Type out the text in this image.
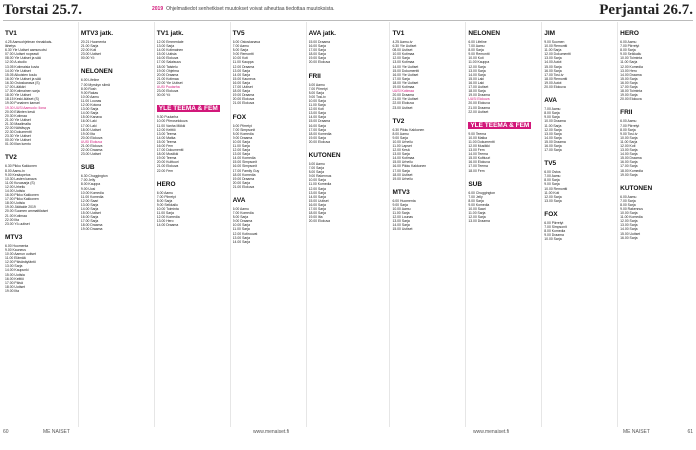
Torstai 25.7.	2019 Ohjelmatiedot senhetkiset muutokset voivat aiheuttaa tiedottaa muutoksista.	Perjantai 26.7.
TV1

4.25 Aamuohjelman rinnakkais-
lähetys
6.30 Yle Uutiset aamuruotsi
07.00 Uutiset nopeasti
08.00 Yle Uutiset ja sää
12.00 A-studio
13.05 Kotimaisia kuvia
14.00 Yle Uutiset
15.05 Aikuisten koulu
16.00 Yle Uutiset ja sää
16.30 Ostoskanava (S)
17.00 Lääkäri
17.30 Kotimainen sarja
18.00 Yle Uutiset
18.15 Keski-ikäiset (S)
19.00 Punainen kamari
19.30 UUSI Aamuolo: Ilona
20.00 Eläinten kesä
20.30 Kotimaa
21.00 Yle Uutiset
21.30 Maailmalta
22.00 Nähtävyys
22.30 Dokumentti
23.30 Yle Uutiset
00.00 Yle Uutiset
01.00 Illan luento
TV2

6.30 Pikku Kakkonen
8.00 Aamu-tv
9.00 Kesäopetus
10.30 Lasten kanava
11.00 Kuvasarja (S)
12.00 Urheilu
14.00 Uutisia
16.00 Pikku Kakkonen
17.00 Pikku Kakkonen
18.00 Uutisia
19.00 Jäätaide 2019
20.00 Suomen ammattilaiset
21.00 Kotimaa
22.00 Ilta
23.00 Yö-uutiset
MTV3

6.00 Huomenta
9.00 Kauneus
10.00 Aamun uutiset
11.00 Elämää
12.00 Päivänäytäntö
13.00 Sarja
14.00 Kaupunki
15.00 Uutisia
16.00 Keittiö
17.00 Päivä
18.00 Uutiset
19.00 Ilta
MTV3 jatk.

20.21 Huomenta
21.00 Sarja
22.00 Koti
23.00 Uutiset
00.00 Yö
NELONEN

6.00 Lifeline
7.00 Myrskyn silmä
8.00 Rush
9.00 Rakas
10.00 Aamu
11.00 Lounas
12.00 Kotona
13.00 Sarja
14.00 Sarja
15.00 Kanava
16.00 Laki
17.00 Laki
18.00 Uutiset
19.00 Ilta
20.00 Elokuva
UUSI Elokuva
21.00 Elokuva
22.00 Draama
23.00 Uutiset
SUB

6.30 Chuggington
7.00 Jelly
8.00 Kauppa
9.00 Uusi
10.00 Komedia
11.00 Komedia
12.00 Saari
13.00 Sarja
14.00 Sarja
15.00 Uutiset
16.00 Sarja
17.00 Sarja
18.00 Draama
19.00 Draama
TV1 jatk.

12.00 Emmerdale
13.00 Sarja
14.00 Kotimainen
15.00 Uutisia
16.00 Elokuva
17.00 Salaisuus
18.00 Taistelu
19.00 Ohjelma
20.00 Draama
21.00 Kotimaa
22.00 Yle Uutiset
UUSI Puutarha
23.00 Elokuva
00.00 Yö
YLE TEEMA & FEM

9.30 Puutarha
10.00 Piirroselokuva
11.00 Vanha Mökki
12.00 Keittiö
13.00 Teema
14.00 Matka
15.00 Teema
16.00 Fem
17.00 Dokumentti
18.00 Musiikki
19.00 Teema
20.00 Kulttuuri
21.00 Elokuva
22.00 Fem
HERO

6.00 Aamu
7.00 Piirretyt
8.00 Sarja
9.00 Seikkailu
10.00 Toiminta
11.00 Sarja
12.00 Komedia
13.00 Hero
14.00 Draama
TV5

6.00 Ostoskanava
7.00 Aamu
8.00 Sarja
9.00 Remontti
10.00 Koti
11.00 Kauppa
12.00 Draama
13.00 Sarja
14.00 Sarja
15.00 Kauneus
16.00 Sarja
17.00 Uutiset
18.00 Sarja
19.00 Draama
20.00 Elokuva
21.00 Elokuva
FOX

6.00 Piirretyt
7.00 Simpsonit
8.00 Komedia
9.00 Draama
10.00 Sarja
11.00 Sarja
12.00 Sarja
13.00 Sarja
14.00 Komedia
15.00 Simpsonit
16.00 Simpsonit
17.00 Family Guy
18.00 Komedia
19.00 Draama
20.00 Sarja
21.00 Elokuva
AVA

6.00 Aamu
7.00 Komedia
8.00 Sarja
9.00 Draama
10.00 Sarja
11.00 Sarja
12.00 Kotirouvat
13.00 Sarja
14.00 Sarja
AVA jatk.

15.00 Draama
16.00 Sarja
17.00 Sarja
18.00 Sarja
19.00 Sarja
20.00 Elokuva
FRII

6.00 Aamu
7.00 Piirretyt
8.00 Sarja
9.00 Tosi-tv
10.00 Sarja
11.00 Sarja
12.00 Koti
13.00 Sarja
14.00 Sarja
15.00 Draama
16.00 Sarja
17.00 Sarja
18.00 Komedia
19.00 Sarja
20.00 Elokuva
KUTONEN

6.00 Aamu
7.00 Sarja
8.00 Sarja
9.00 Rakennus
10.00 Sarja
11.00 Komedia
12.00 Sarja
13.00 Sarja
14.00 Sarja
15.00 Uutiset
16.00 Sarja
17.00 Sarja
18.00 Sarja
19.00 Ilta
20.00 Elokuva
TV1

4.25 Aamu-tv
6.30 Yle Uutiset
08.00 Uutiset
10.00 Kotimaa
12.00 Sarja
13.00 Kotimaa
14.00 Yle Uutiset
15.00 Dokumentti
16.00 Yle Uutiset
17.00 Sarja
18.00 Yle Uutiset
19.00 Kotimaa
UUSI Kotimaa
20.00 Draama
21.00 Yle Uutiset
22.00 Elokuva
23.00 Uutiset
TV2

6.30 Pikku Kakkonen
8.00 Aamu
9.00 Sarja
10.00 Urheilu
11.00 Lapset
12.00 Kesä
13.00 Sarja
14.00 Kotimaa
15.00 Urheilu
16.00 Pikku Kakkonen
17.00 Sarja
18.00 Uutiset
19.00 Urheilu
MTV3

6.00 Huomenta
9.00 Sarja
10.00 Aamu
11.00 Sarja
12.00 Lounas
13.00 Sarja
14.00 Sarja
15.00 Uutiset
NELONEN

6.00 Lifeline
7.00 Aamu
8.00 Sarja
9.00 Remontti
10.00 Koti
11.00 Kauppa
12.00 Sarja
13.00 Sarja
14.00 Sarja
15.00 Laki
16.00 Laki
17.00 Uutiset
18.00 Sarja
19.00 Draama
UUSI Elokuva
20.00 Elokuva
21.00 Draama
22.00 Uutiset
YLE TEEMA & FEM

9.00 Teema
10.00 Matka
11.00 Dokumentti
12.00 Musiikki
13.00 Fem
14.00 Teema
15.00 Kulttuuri
16.00 Elokuva
17.00 Teema
18.00 Fem
SUB

6.00 Chuggington
7.00 Jelly
8.00 Sarja
9.00 Komedia
10.00 Saari
11.00 Sarja
12.00 Sarja
13.00 Draama
JIM

9.00 Suomen
10.00 Remontti
11.00 Sarja
12.00 Dokumentti
13.00 Sarja
14.00 Autot
15.00 Sarja
16.00 Sarja
17.00 Tosi-tv
18.00 Remontti
19.00 Autot
20.00 Elokuva
AVA

7.00 Aamu
8.00 Sarja
9.00 Sarja
10.00 Draama
11.00 Sarja
12.00 Sarja
13.00 Sarja
14.00 Sarja
15.00 Draama
16.00 Sarja
17.00 Sarja
TV5

6.00 Ostos
7.00 Aamu
8.00 Sarja
9.00 Sarja
10.00 Remontti
11.00 Koti
12.00 Sarja
13.00 Sarja
FOX

6.00 Piirretyt
7.00 Simpsonit
8.00 Komedia
9.00 Draama
10.00 Sarja
HERO

6.00 Aamu
7.00 Piirretyt
8.00 Sarja
9.00 Seikkailu
10.00 Toiminta
11.00 Sarja
12.00 Komedia
13.00 Hero
14.00 Draama
15.00 Sarja
16.00 Sarja
17.00 Sarja
18.00 Toiminta
19.00 Sarja
20.00 Elokuva
FRII

6.00 Aamu
7.00 Piirretyt
8.00 Sarja
9.00 Tosi-tv
10.00 Sarja
11.00 Sarja
12.00 Koti
13.00 Sarja
14.00 Sarja
15.00 Draama
16.00 Sarja
17.00 Sarja
18.00 Komedia
19.00 Sarja
KUTONEN

6.00 Aamu
7.00 Sarja
8.00 Sarja
9.00 Rakennus
10.00 Sarja
11.00 Komedia
12.00 Sarja
13.00 Sarja
14.00 Sarja
15.00 Uutiset
16.00 Sarja
60	ME NAISET	www.menaiset.fi	www.menaiset.fi	ME NAISET	61
